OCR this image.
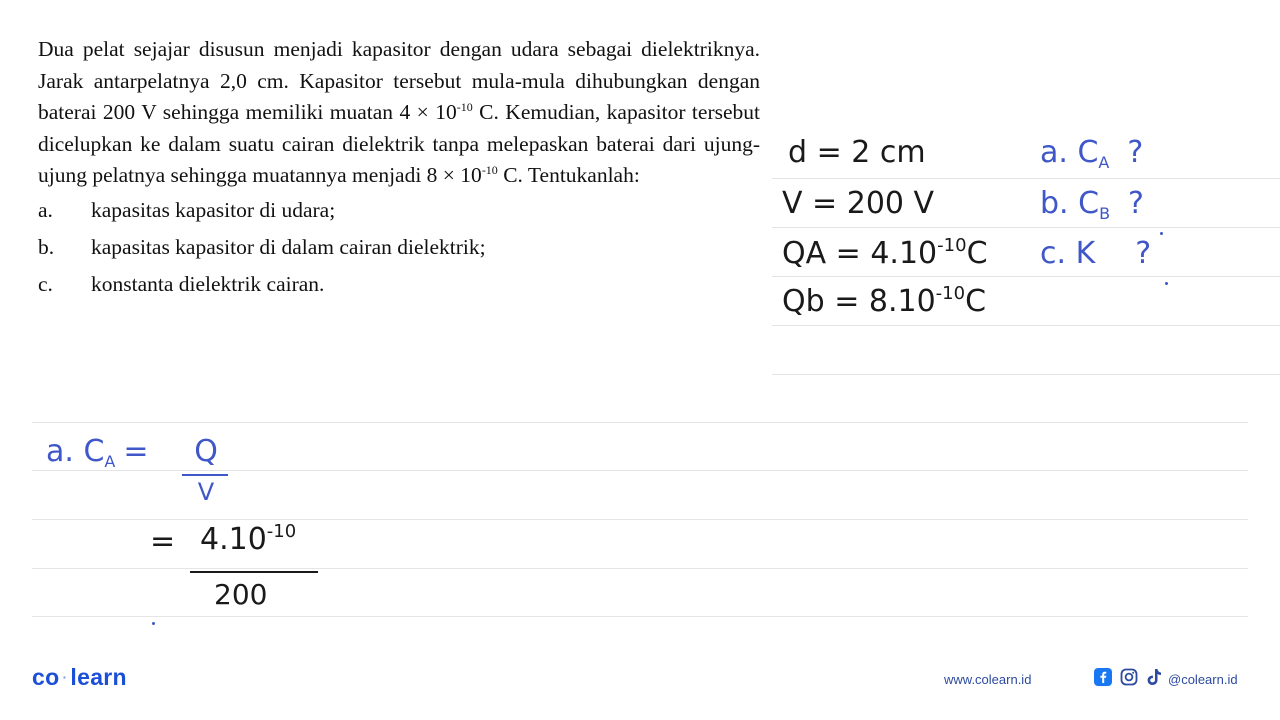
Dua pelat sejajar disusun menjadi kapasitor dengan udara sebagai dielektriknya. Jarak antarpelatnya 2,0 cm. Kapasitor tersebut mula-mula dihubungkan dengan baterai 200 V sehingga memiliki muatan $4 \times 10^{-10}$ C. Kemudian, kapasitor tersebut dicelupkan ke dalam suatu cairan dielektrik tanpa melepaskan baterai dari ujung-ujung pelatnya sehingga muatannya menjadi $8 \times 10^{-10}$ C. Tentukanlah:

a.	kapasitas kapasitor di udara;
b.	kapasitas kapasitor di dalam cairan dielektrik;
c.	konstanta dielektrik cairan.
d = 2 cm
V = 200 V
QA = $4.10^{-10}C$
$Qb = 8.10^{-10}C$
a. $C_A$ ?
b. $C_B$ ?
c. K ?
a. $C_A = Q$
V
= $4.10^{-10}$
200
co · learn	www.colearn.id	@colearn.id
